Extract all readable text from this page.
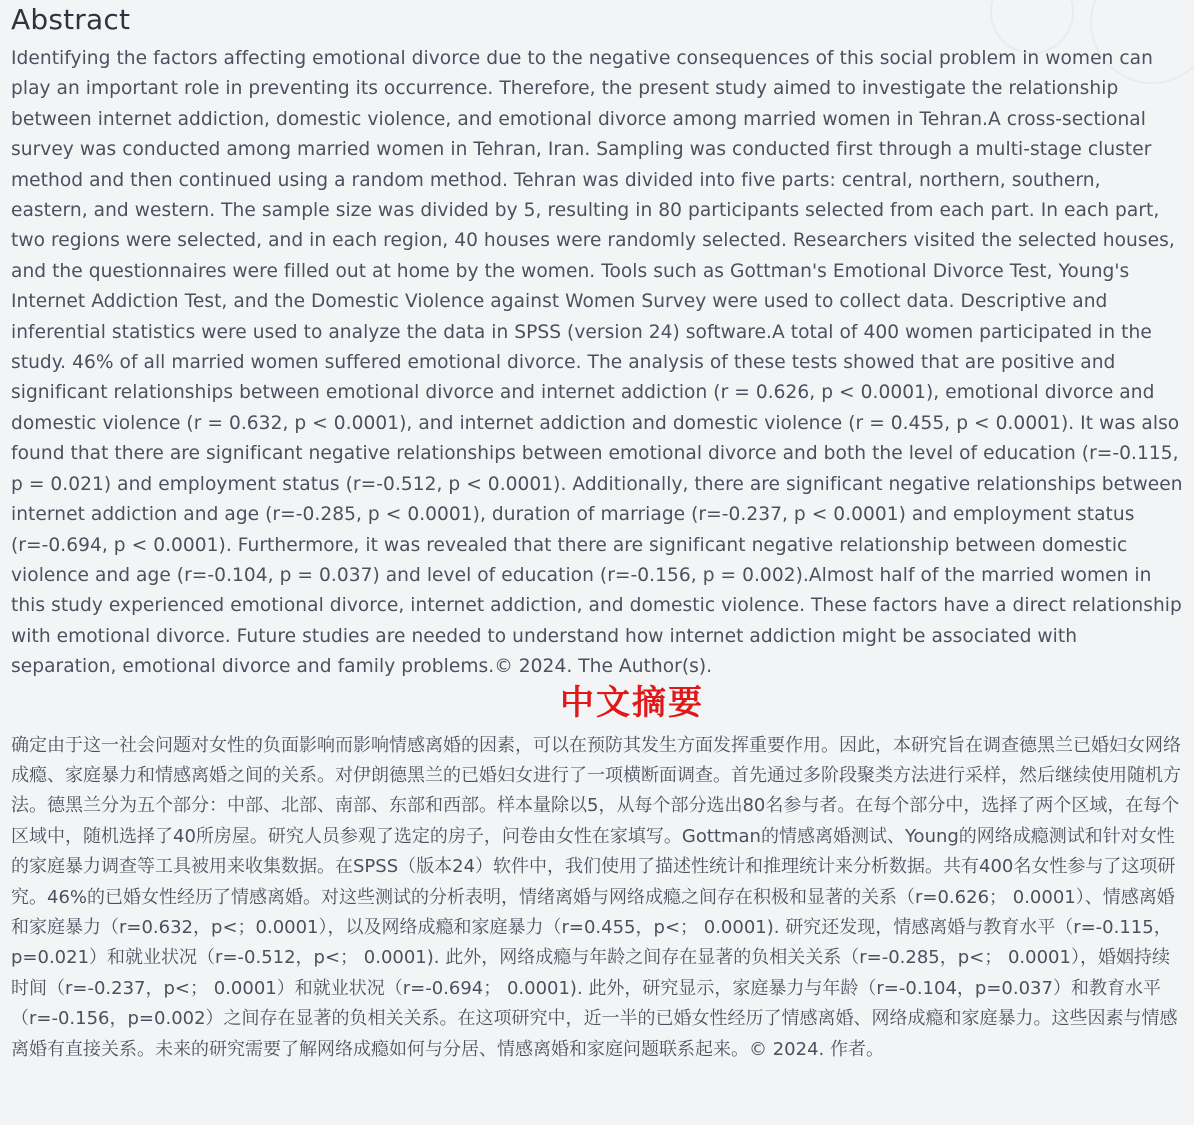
Abstract

Identifying the factors affecting emotional divorce due to the negative consequences of this social problem in women can play an important role in preventing its occurrence. Therefore, the present study aimed to investigate the relationship between internet addiction, domestic violence, and emotional divorce among married women in Tehran.A cross-sectional survey was conducted among married women in Tehran, Iran. Sampling was conducted first through a multi-stage cluster method and then continued using a random method. Tehran was divided into five parts: central, northern, southern, eastern, and western. The sample size was divided by 5, resulting in 80 participants selected from each part. In each part, two regions were selected, and in each region, 40 houses were randomly selected. Researchers visited the selected houses, and the questionnaires were filled out at home by the women. Tools such as Gottman's Emotional Divorce Test, Young's Internet Addiction Test, and the Domestic Violence against Women Survey were used to collect data. Descriptive and inferential statistics were used to analyze the data in SPSS (version 24) software.A total of 400 women participated in the study. 46% of all married women suffered emotional divorce. The analysis of these tests showed that are positive and significant relationships between emotional divorce and internet addiction (r = 0.626, p < 0.0001), emotional divorce and domestic violence (r = 0.632, p < 0.0001), and internet addiction and domestic violence (r = 0.455, p < 0.0001). It was also found that there are significant negative relationships between emotional divorce and both the level of education (r=-0.115, p = 0.021) and employment status (r=-0.512, p < 0.0001). Additionally, there are significant negative relationships between internet addiction and age (r=-0.285, p < 0.0001), duration of marriage (r=-0.237, p < 0.0001) and employment status (r=-0.694, p < 0.0001). Furthermore, it was revealed that there are significant negative relationship between domestic violence and age (r=-0.104, p = 0.037) and level of education (r=-0.156, p = 0.002).Almost half of the married women in this study experienced emotional divorce, internet addiction, and domestic violence. These factors have a direct relationship with emotional divorce. Future studies are needed to understand how internet addiction might be associated with separation, emotional divorce and family problems.© 2024. The Author(s).

中文摘要

确定由于这一社会问题对女性的负面影响而影响情感离婚的因素，可以在预防其发生方面发挥重要作用。因此，本研究旨在调查德黑兰已婚妇女网络成瘾、家庭暴力和情感离婚之间的关系。对伊朗德黑兰的已婚妇女进行了一项横断面调查。首先通过多阶段聚类方法进行采样，然后继续使用随机方法。德黑兰分为五个部分：中部、北部、南部、东部和西部。样本量除以5，从每个部分选出80名参与者。在每个部分中，选择了两个区域，在每个区域中，随机选择了40所房屋。研究人员参观了选定的房子，问卷由女性在家填写。Gottman的情感离婚测试、Young的网络成瘾测试和针对女性的家庭暴力调查等工具被用来收集数据。在SPSS（版本24）软件中，我们使用了描述性统计和推理统计来分析数据。共有400名女性参与了这项研究。46%的已婚女性经历了情感离婚。对这些测试的分析表明，情绪离婚与网络成瘾之间存在积极和显著的关系（r=0.626； 0.0001）、情感离婚和家庭暴力（r=0.632，p<；0.0001），以及网络成瘾和家庭暴力（r=0.455，p<； 0.0001). 研究还发现，情感离婚与教育水平（r=-0.115，p=0.021）和就业状况（r=-0.512，p<； 0.0001). 此外，网络成瘾与年龄之间存在显著的负相关关系（r=-0.285，p<； 0.0001），婚姻持续时间（r=-0.237，p<； 0.0001）和就业状况（r=-0.694； 0.0001). 此外，研究显示，家庭暴力与年龄（r=-0.104，p=0.037）和教育水平（r=-0.156，p=0.002）之间存在显著的负相关关系。在这项研究中，近一半的已婚女性经历了情感离婚、网络成瘾和家庭暴力。这些因素与情感离婚有直接关系。未来的研究需要了解网络成瘾如何与分居、情感离婚和家庭问题联系起来。© 2024. 作者。
